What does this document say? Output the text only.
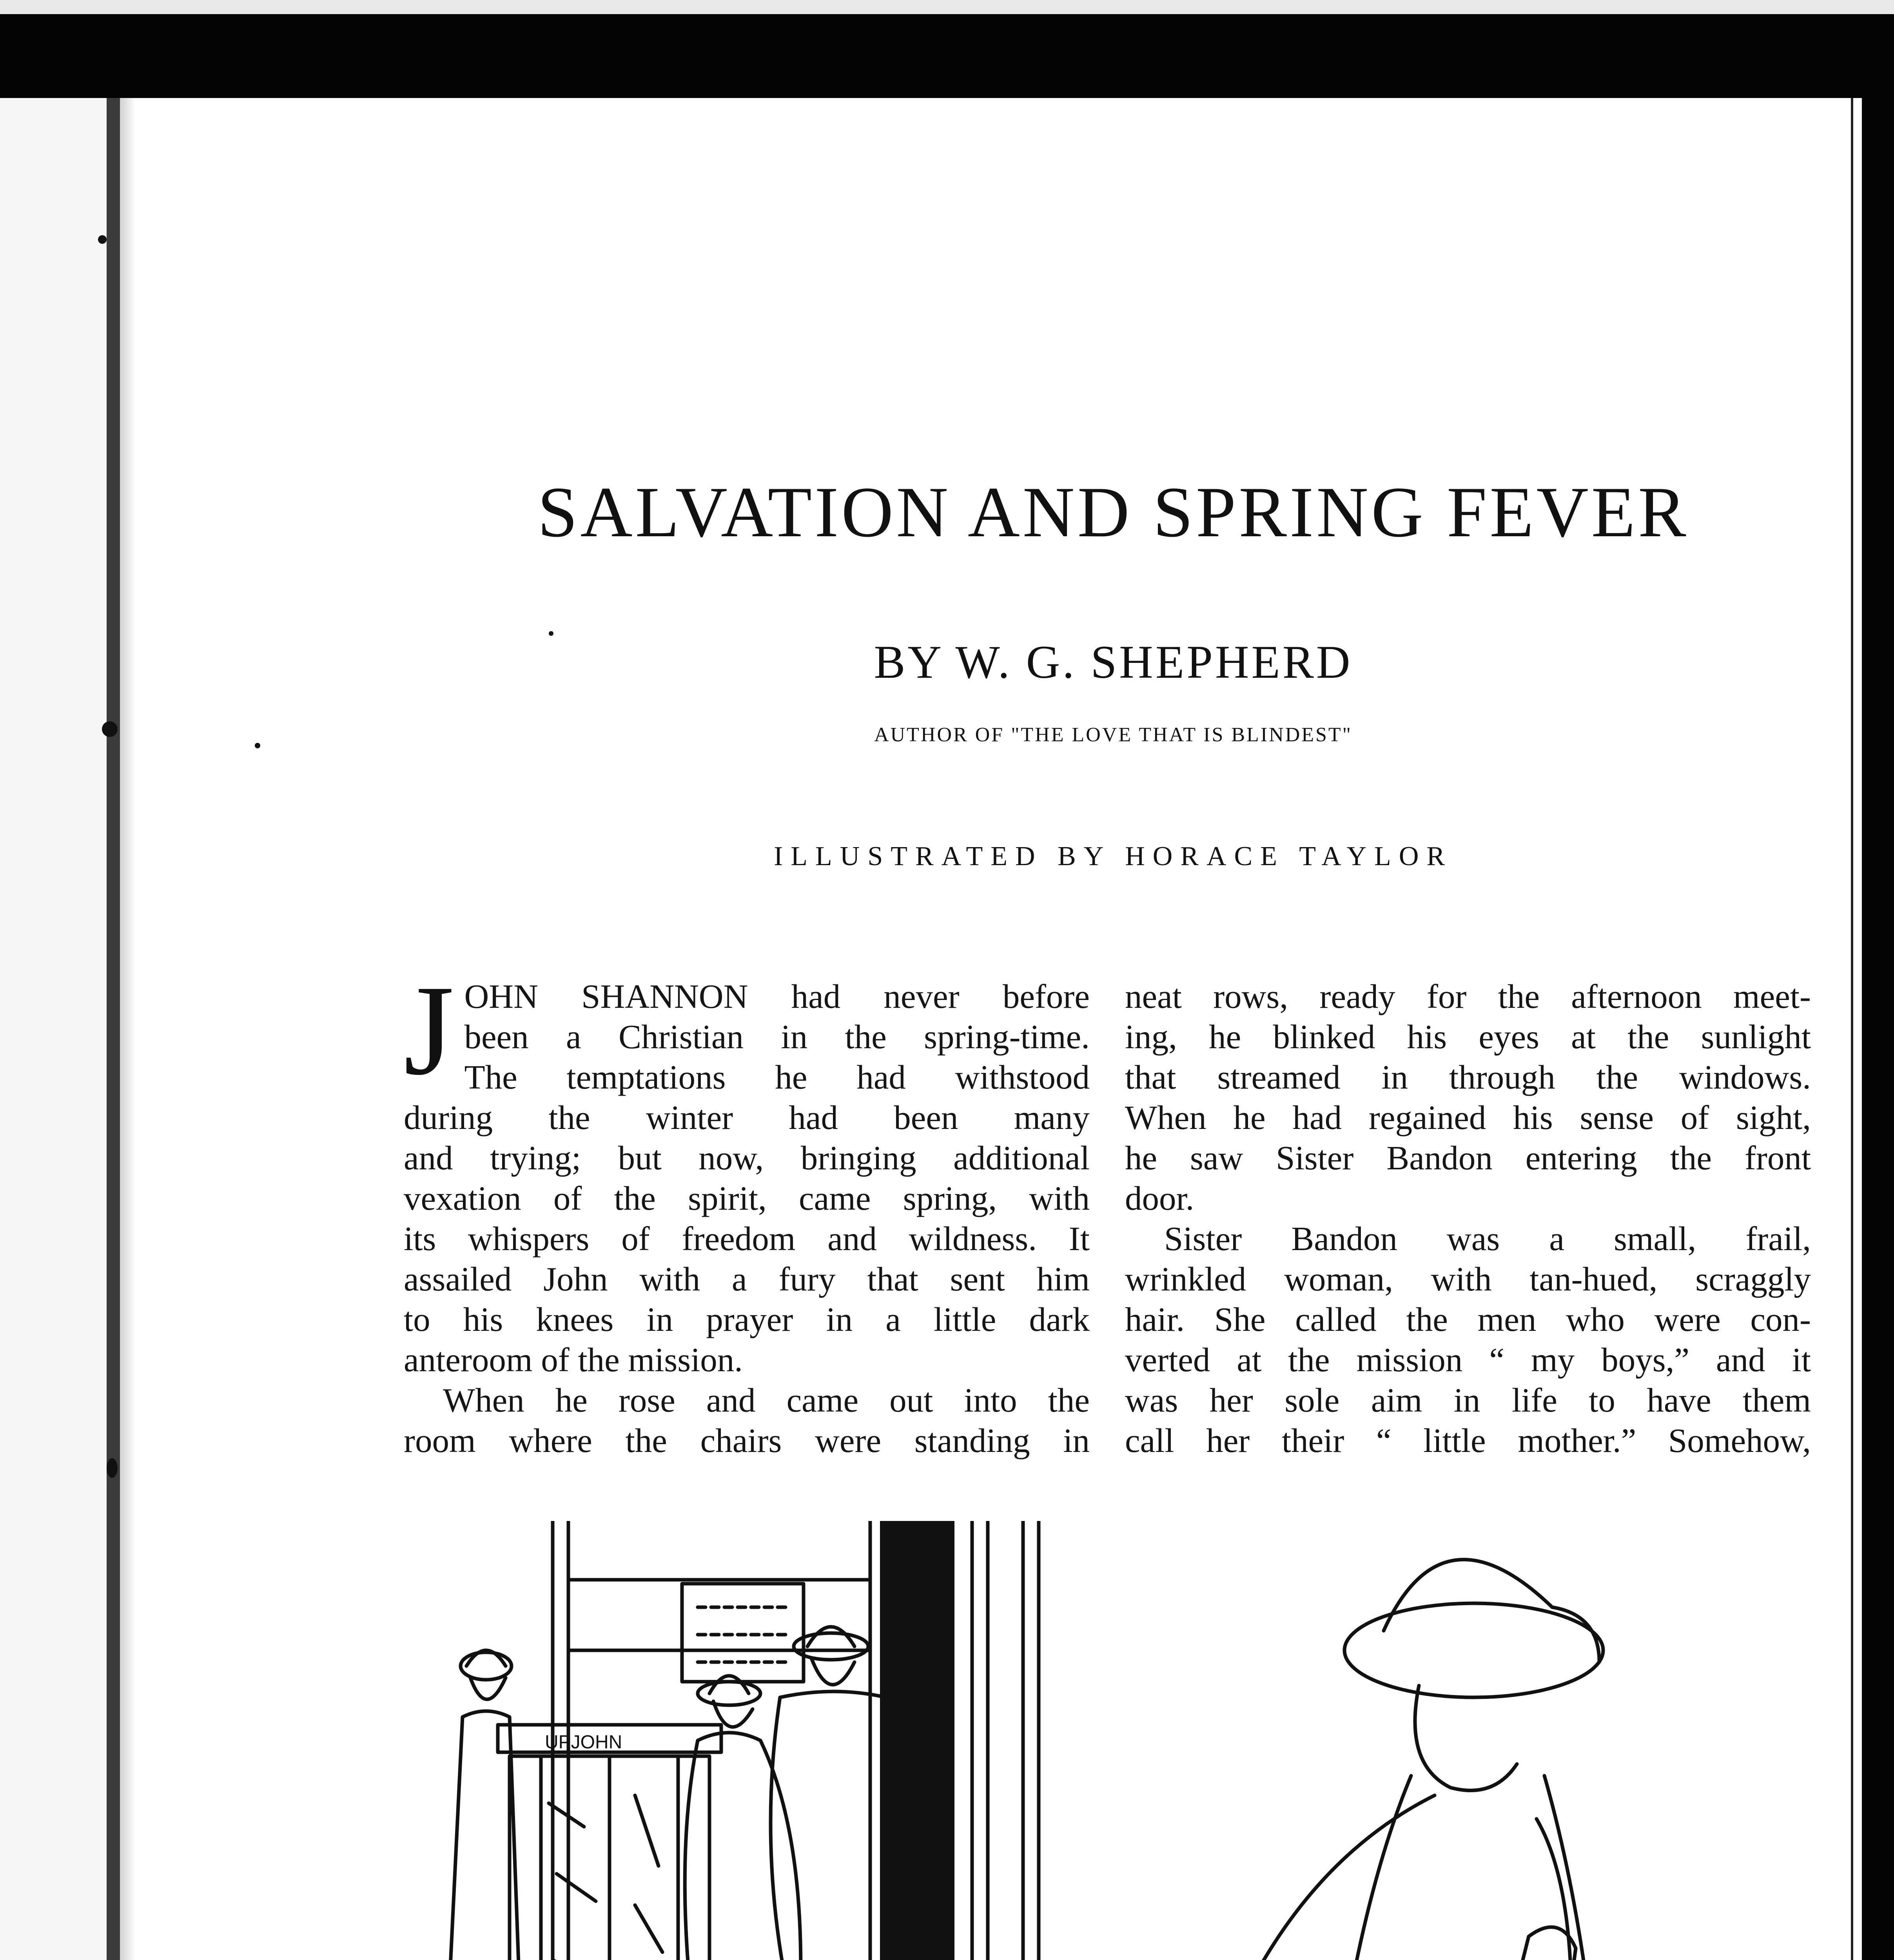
SALVATION AND SPRING FEVER
BY W. G. SHEPHERD
AUTHOR OF "THE LOVE THAT IS BLINDEST"
ILLUSTRATED BY HORACE TAYLOR
J OHN SHANNON had never before
been a Christian in the spring-time.
The temptations he had withstood
during the winter had been many
and trying; but now, bringing additional
vexation of the spirit, came spring, with
its whispers of freedom and wildness. It
assailed John with a fury that sent him
to his knees in prayer in a little dark
anteroom of the mission.
When he rose and came out into the
room where the chairs were standing in
neat rows, ready for the afternoon meet-
ing, he blinked his eyes at the sunlight
that streamed in through the windows.
When he had regained his sense of sight,
he saw Sister Bandon entering the front
door.
Sister Bandon was a small, frail,
wrinkled woman, with tan-hued, scraggly
hair. She called the men who were con-
verted at the mission “ my boys,” and it
was her sole aim in life to have them
call her their “ little mother.” Somehow,
UPJOHN
